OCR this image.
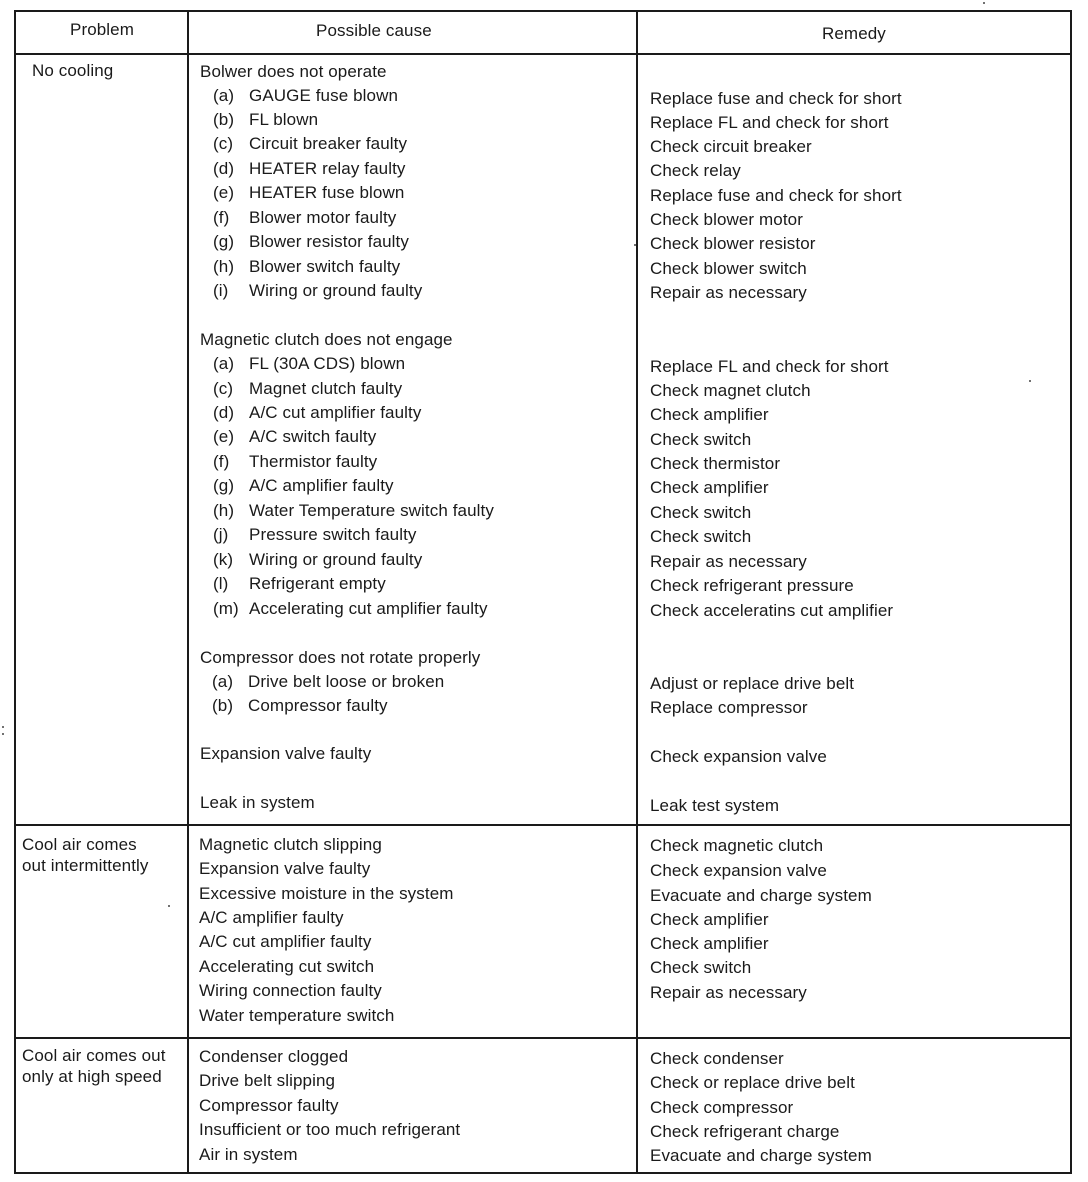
Problem	Possible cause	Remedy
No cooling	Bolwer does not operate
(a) GAUGE fuse blown	Replace fuse and check for short
(b) FL blown	Replace FL and check for short
(c) Circuit breaker faulty	Check circuit breaker
(d) HEATER relay faulty	Check relay
(e) HEATER fuse blown	Replace fuse and check for short
(f) Blower motor faulty	Check blower motor
(g) Blower resistor faulty	Check blower resistor
(h) Blower switch faulty	Check blower switch
(i) Wiring or ground faulty	Repair as necessary
Magnetic clutch does not engage
(a) FL (30A CDS) blown	Replace FL and check for short
(c) Magnet clutch faulty	Check magnet clutch
(d) A/C cut amplifier faulty	Check amplifier
(e) A/C switch faulty	Check switch
(f) Thermistor faulty	Check thermistor
(g) A/C amplifier faulty	Check amplifier
(h) Water Temperature switch faulty	Check switch
(j) Pressure switch faulty	Check switch
(k) Wiring or ground faulty	Repair as necessary
(l) Refrigerant empty	Check refrigerant pressure
(m) Accelerating cut amplifier faulty	Check acceleratins cut amplifier
Compressor does not rotate properly
(a) Drive belt loose or broken	Adjust or replace drive belt
(b) Compressor faulty	Replace compressor
Expansion valve faulty	Check expansion valve
Leak in system	Leak test system
Cool air comes
out intermittently
Magnetic clutch slipping	Check magnetic clutch
Expansion valve faulty	Check expansion valve
Excessive moisture in the system	Evacuate and charge system
A/C amplifier faulty	Check amplifier
A/C cut amplifier faulty	Check amplifier
Accelerating cut switch	Check switch
Wiring connection faulty	Repair as necessary
Water temperature switch
Cool air comes out
only at high speed
Condenser clogged	Check condenser
Drive belt slipping	Check or replace drive belt
Compressor faulty	Check compressor
Insufficient or too much refrigerant	Check refrigerant charge
Air in system	Evacuate and charge system
